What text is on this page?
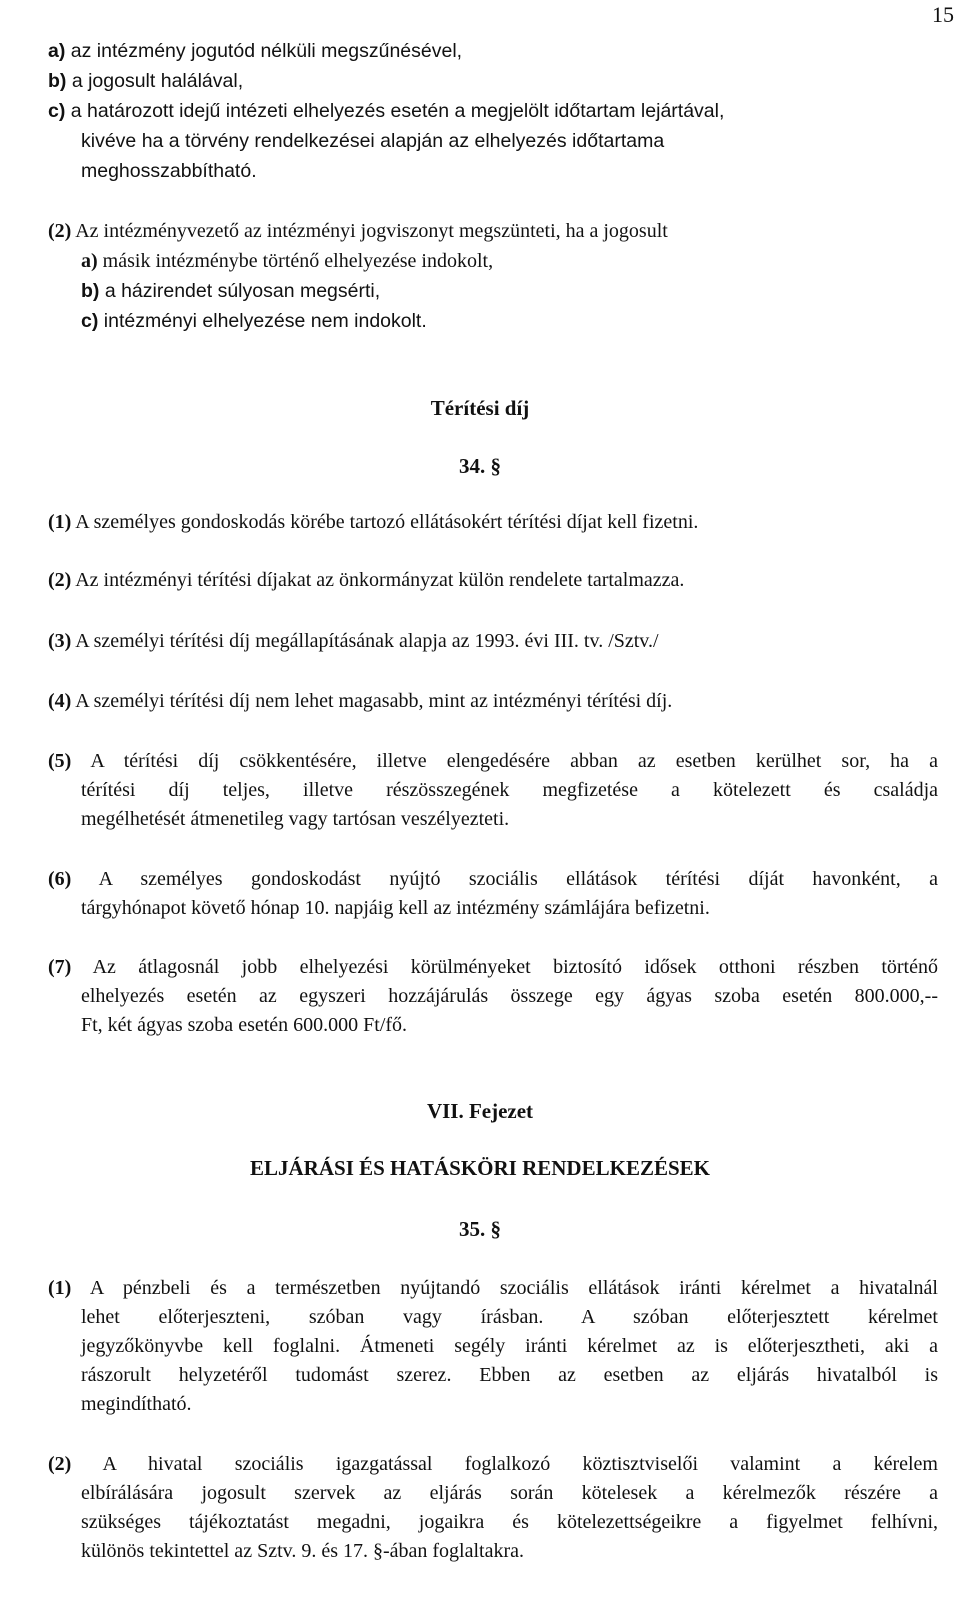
15
a) az intézmény jogutód nélküli megszűnésével,
b) a jogosult halálával,
c) a határozott idejű intézeti elhelyezés esetén a megjelölt időtartam lejártával,
kivéve ha a törvény rendelkezései alapján az elhelyezés időtartama
meghosszabbítható.
(2) Az intézményvezető az intézményi jogviszonyt megszünteti, ha a jogosult
a) másik intézménybe történő elhelyezése indokolt,
b) a házirendet súlyosan megsérti,
c) intézményi elhelyezése nem indokolt.
Térítési díj
34. §
(1) A személyes gondoskodás körébe tartozó ellátásokért térítési díjat kell fizetni.
(2) Az intézményi térítési díjakat az önkormányzat külön rendelete tartalmazza.
(3) A személyi térítési díj megállapításának alapja az 1993. évi III. tv. /Sztv./
(4) A személyi térítési díj nem lehet magasabb, mint az intézményi térítési díj.
(5) A térítési díj csökkentésére, illetve elengedésére abban az esetben kerülhet sor, ha a
térítési díj teljes, illetve részösszegének megfizetése a kötelezett és családja
megélhetését átmenetileg vagy tartósan veszélyezteti.
(6) A személyes gondoskodást nyújtó szociális ellátások térítési díját havonként, a
tárgyhónapot követő hónap 10. napjáig kell az intézmény számlájára befizetni.
(7) Az átlagosnál jobb elhelyezési körülményeket biztosító idősek otthoni részben történő
elhelyezés esetén az egyszeri hozzájárulás összege egy ágyas szoba esetén 800.000,--
Ft, két ágyas szoba esetén 600.000 Ft/fő.
VII. Fejezet
ELJÁRÁSI ÉS HATÁSKÖRI RENDELKEZÉSEK
35. §
(1) A pénzbeli és a természetben nyújtandó szociális ellátások iránti kérelmet a hivatalnál
lehet előterjeszteni, szóban vagy írásban. A szóban előterjesztett kérelmet
jegyzőkönyvbe kell foglalni. Átmeneti segély iránti kérelmet az is előterjesztheti, aki a
rászorult helyzetéről tudomást szerez. Ebben az esetben az eljárás hivatalból is
megindítható.
(2) A hivatal szociális igazgatással foglalkozó köztisztviselői valamint a kérelem
elbírálására jogosult szervek az eljárás során kötelesek a kérelmezők részére a
szükséges tájékoztatást megadni, jogaikra és kötelezettségeikre a figyelmet felhívni,
különös tekintettel az Sztv. 9. és 17. §-ában foglaltakra.
